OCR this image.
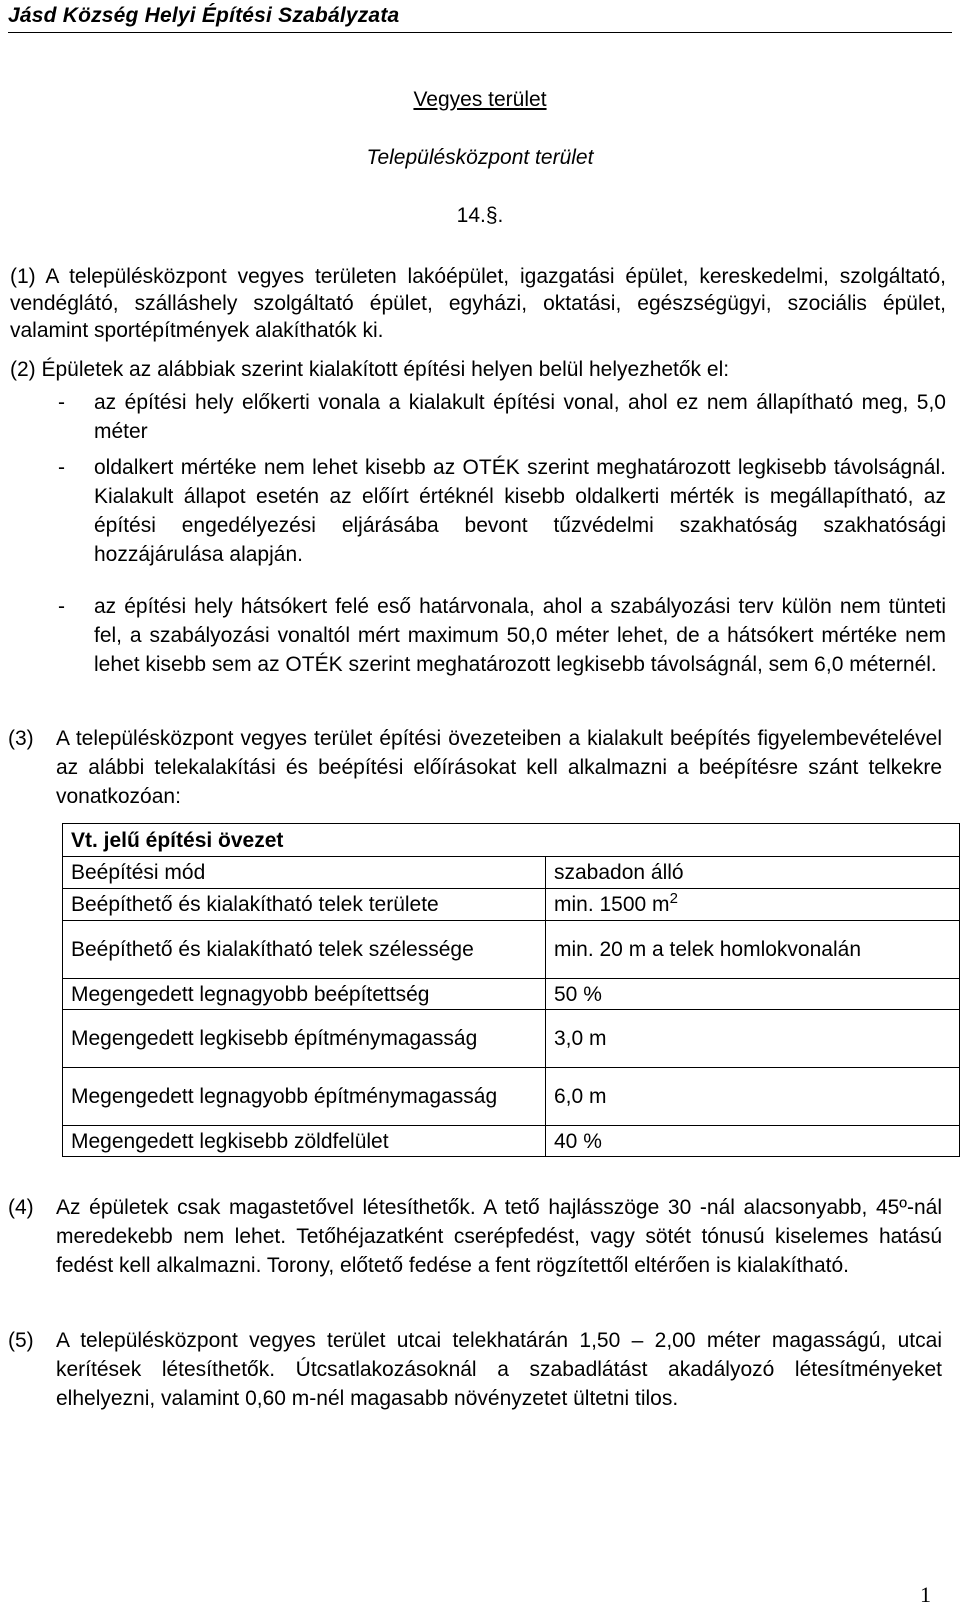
Jásd Község Helyi Építési Szabályzata
Vegyes terület
Településközpont terület
14.§.
(1) A településközpont vegyes területen lakóépület, igazgatási épület, kereskedelmi, szolgáltató, vendéglátó, szálláshely szolgáltató épület, egyházi, oktatási, egészségügyi, szociális épület, valamint sportépítmények alakíthatók ki.
(2) Épületek az alábbiak szerint kialakított építési helyen belül helyezhetők el:
- az építési hely előkerti vonala a kialakult építési vonal, ahol ez nem állapítható meg, 5,0 méter
- oldalkert mértéke nem lehet kisebb az OTÉK szerint meghatározott legkisebb távolságnál. Kialakult állapot esetén az előírt értéknél kisebb oldalkerti mérték is megállapítható, az építési engedélyezési eljárásába bevont tűzvédelmi szakhatóság szakhatósági hozzájárulása alapján.
- az építési hely hátsókert felé eső határvonala, ahol a szabályozási terv külön nem tünteti fel, a szabályozási vonaltól mért maximum 50,0 méter lehet, de a hátsókert mértéke nem lehet kisebb sem az OTÉK szerint meghatározott legkisebb távolságnál, sem 6,0 méternél.
(3) A településközpont vegyes terület építési övezeteiben a kialakult beépítés figyelembevételével az alábbi telekalakítási és beépítési előírásokat kell alkalmazni a beépítésre szánt telkekre vonatkozóan:
Vt. jelű építési övezet	
Beépítési mód	szabadon álló
Beépíthető és kialakítható telek területe	min. 1500 $m^2$
Beépíthető és kialakítható telek szélessége	min. 20 m a telek homlokvonalán
Megengedett legnagyobb beépítettség	50 %
Megengedett legkisebb építménymagasság	3,0 m
Megengedett legnagyobb építménymagasság	6,0 m
Megengedett legkisebb zöldfelület	40 %
(4) Az épületek csak magastetővel létesíthetők. A tető hajlásszöge 30 -nál alacsonyabb, 45º-nál meredekebb nem lehet. Tetőhéjazatként cserépfedést, vagy sötét tónusú kiselemes hatású fedést kell alkalmazni. Torony, előtető fedése a fent rögzítettől eltérően is kialakítható.
(5) A településközpont vegyes terület utcai telekhatárán 1,50 – 2,00 méter magasságú, utcai kerítések létesíthetők. Útcsatlakozásoknál a szabadlátást akadályozó létesítményeket elhelyezni, valamint 0,60 m-nél magasabb növényzetet ültetni tilos.
1
